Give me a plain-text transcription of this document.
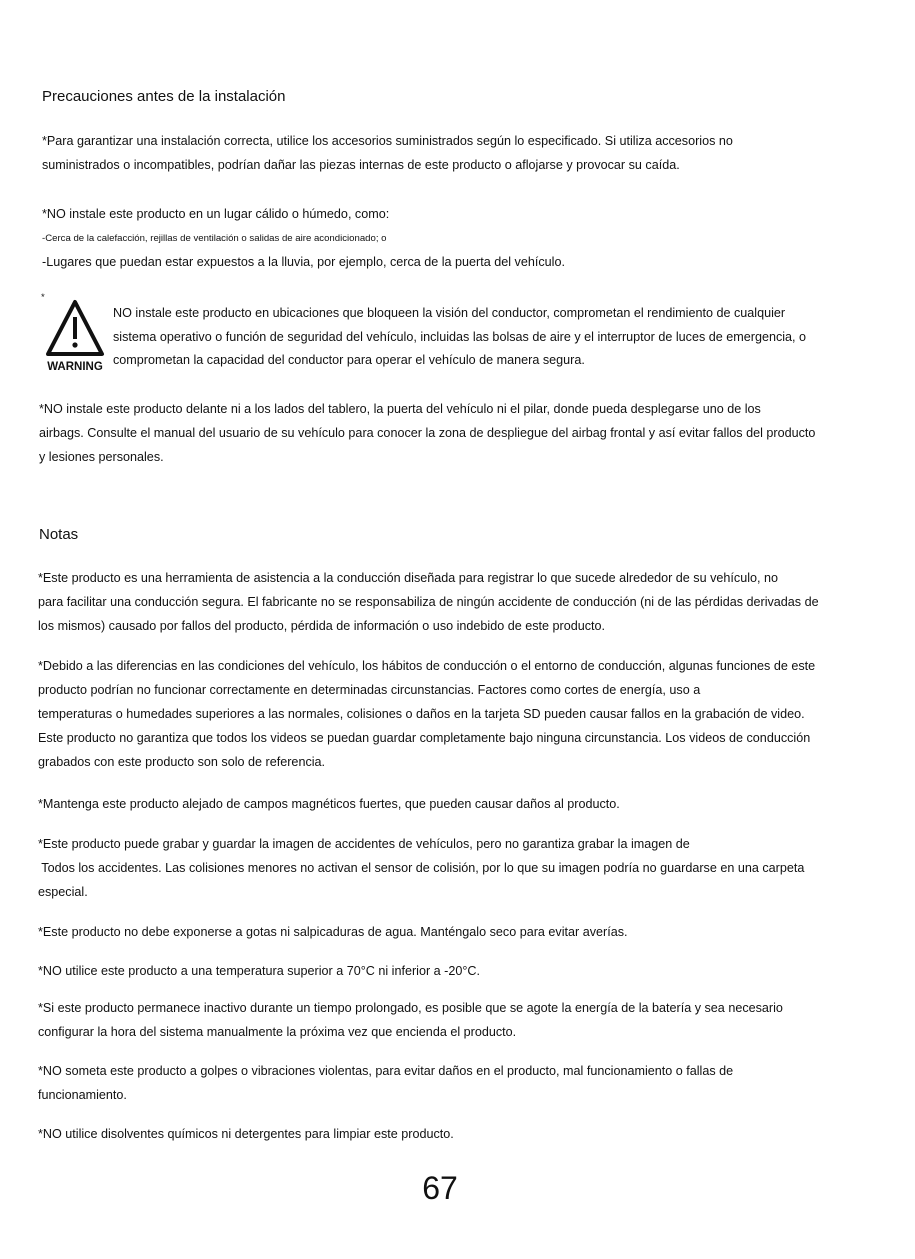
Precauciones antes de la instalación
*Para garantizar una instalación correcta, utilice los accesorios suministrados según lo especificado. Si utiliza accesorios no
suministrados o incompatibles, podrían dañar las piezas internas de este producto o aflojarse y provocar su caída.
*NO instale este producto en un lugar cálido o húmedo, como:
-Cerca de la calefacción, rejillas de ventilación o salidas de aire acondicionado; o
-Lugares que puedan estar expuestos a la lluvia, por ejemplo, cerca de la puerta del vehículo.
*
WARNING
NO instale este producto en ubicaciones que bloqueen la visión del conductor, comprometan el rendimiento de cualquier
sistema operativo o función de seguridad del vehículo, incluidas las bolsas de aire y el interruptor de luces de emergencia, o
comprometan la capacidad del conductor para operar el vehículo de manera segura.
*NO instale este producto delante ni a los lados del tablero, la puerta del vehículo ni el pilar, donde pueda desplegarse uno de los
airbags. Consulte el manual del usuario de su vehículo para conocer la zona de despliegue del airbag frontal y así evitar fallos del producto
y lesiones personales.
Notas
*Este producto es una herramienta de asistencia a la conducción diseñada para registrar lo que sucede alrededor de su vehículo, no
para facilitar una conducción segura. El fabricante no se responsabiliza de ningún accidente de conducción (ni de las pérdidas derivadas de
los mismos) causado por fallos del producto, pérdida de información o uso indebido de este producto.
*Debido a las diferencias en las condiciones del vehículo, los hábitos de conducción o el entorno de conducción, algunas funciones de este
producto podrían no funcionar correctamente en determinadas circunstancias. Factores como cortes de energía, uso a
temperaturas o humedades superiores a las normales, colisiones o daños en la tarjeta SD pueden causar fallos en la grabación de video.
Este producto no garantiza que todos los videos se puedan guardar completamente bajo ninguna circunstancia. Los videos de conducción
grabados con este producto son solo de referencia.
*Mantenga este producto alejado de campos magnéticos fuertes, que pueden causar daños al producto.
*Este producto puede grabar y guardar la imagen de accidentes de vehículos, pero no garantiza grabar la imagen de
Todos los accidentes. Las colisiones menores no activan el sensor de colisión, por lo que su imagen podría no guardarse en una carpeta
especial.
*Este producto no debe exponerse a gotas ni salpicaduras de agua. Manténgalo seco para evitar averías.
*NO utilice este producto a una temperatura superior a 70°C ni inferior a -20°C.
*Si este producto permanece inactivo durante un tiempo prolongado, es posible que se agote la energía de la batería y sea necesario
configurar la hora del sistema manualmente la próxima vez que encienda el producto.
*NO someta este producto a golpes o vibraciones violentas, para evitar daños en el producto, mal funcionamiento o fallas de
funcionamiento.
*NO utilice disolventes químicos ni detergentes para limpiar este producto.
67
